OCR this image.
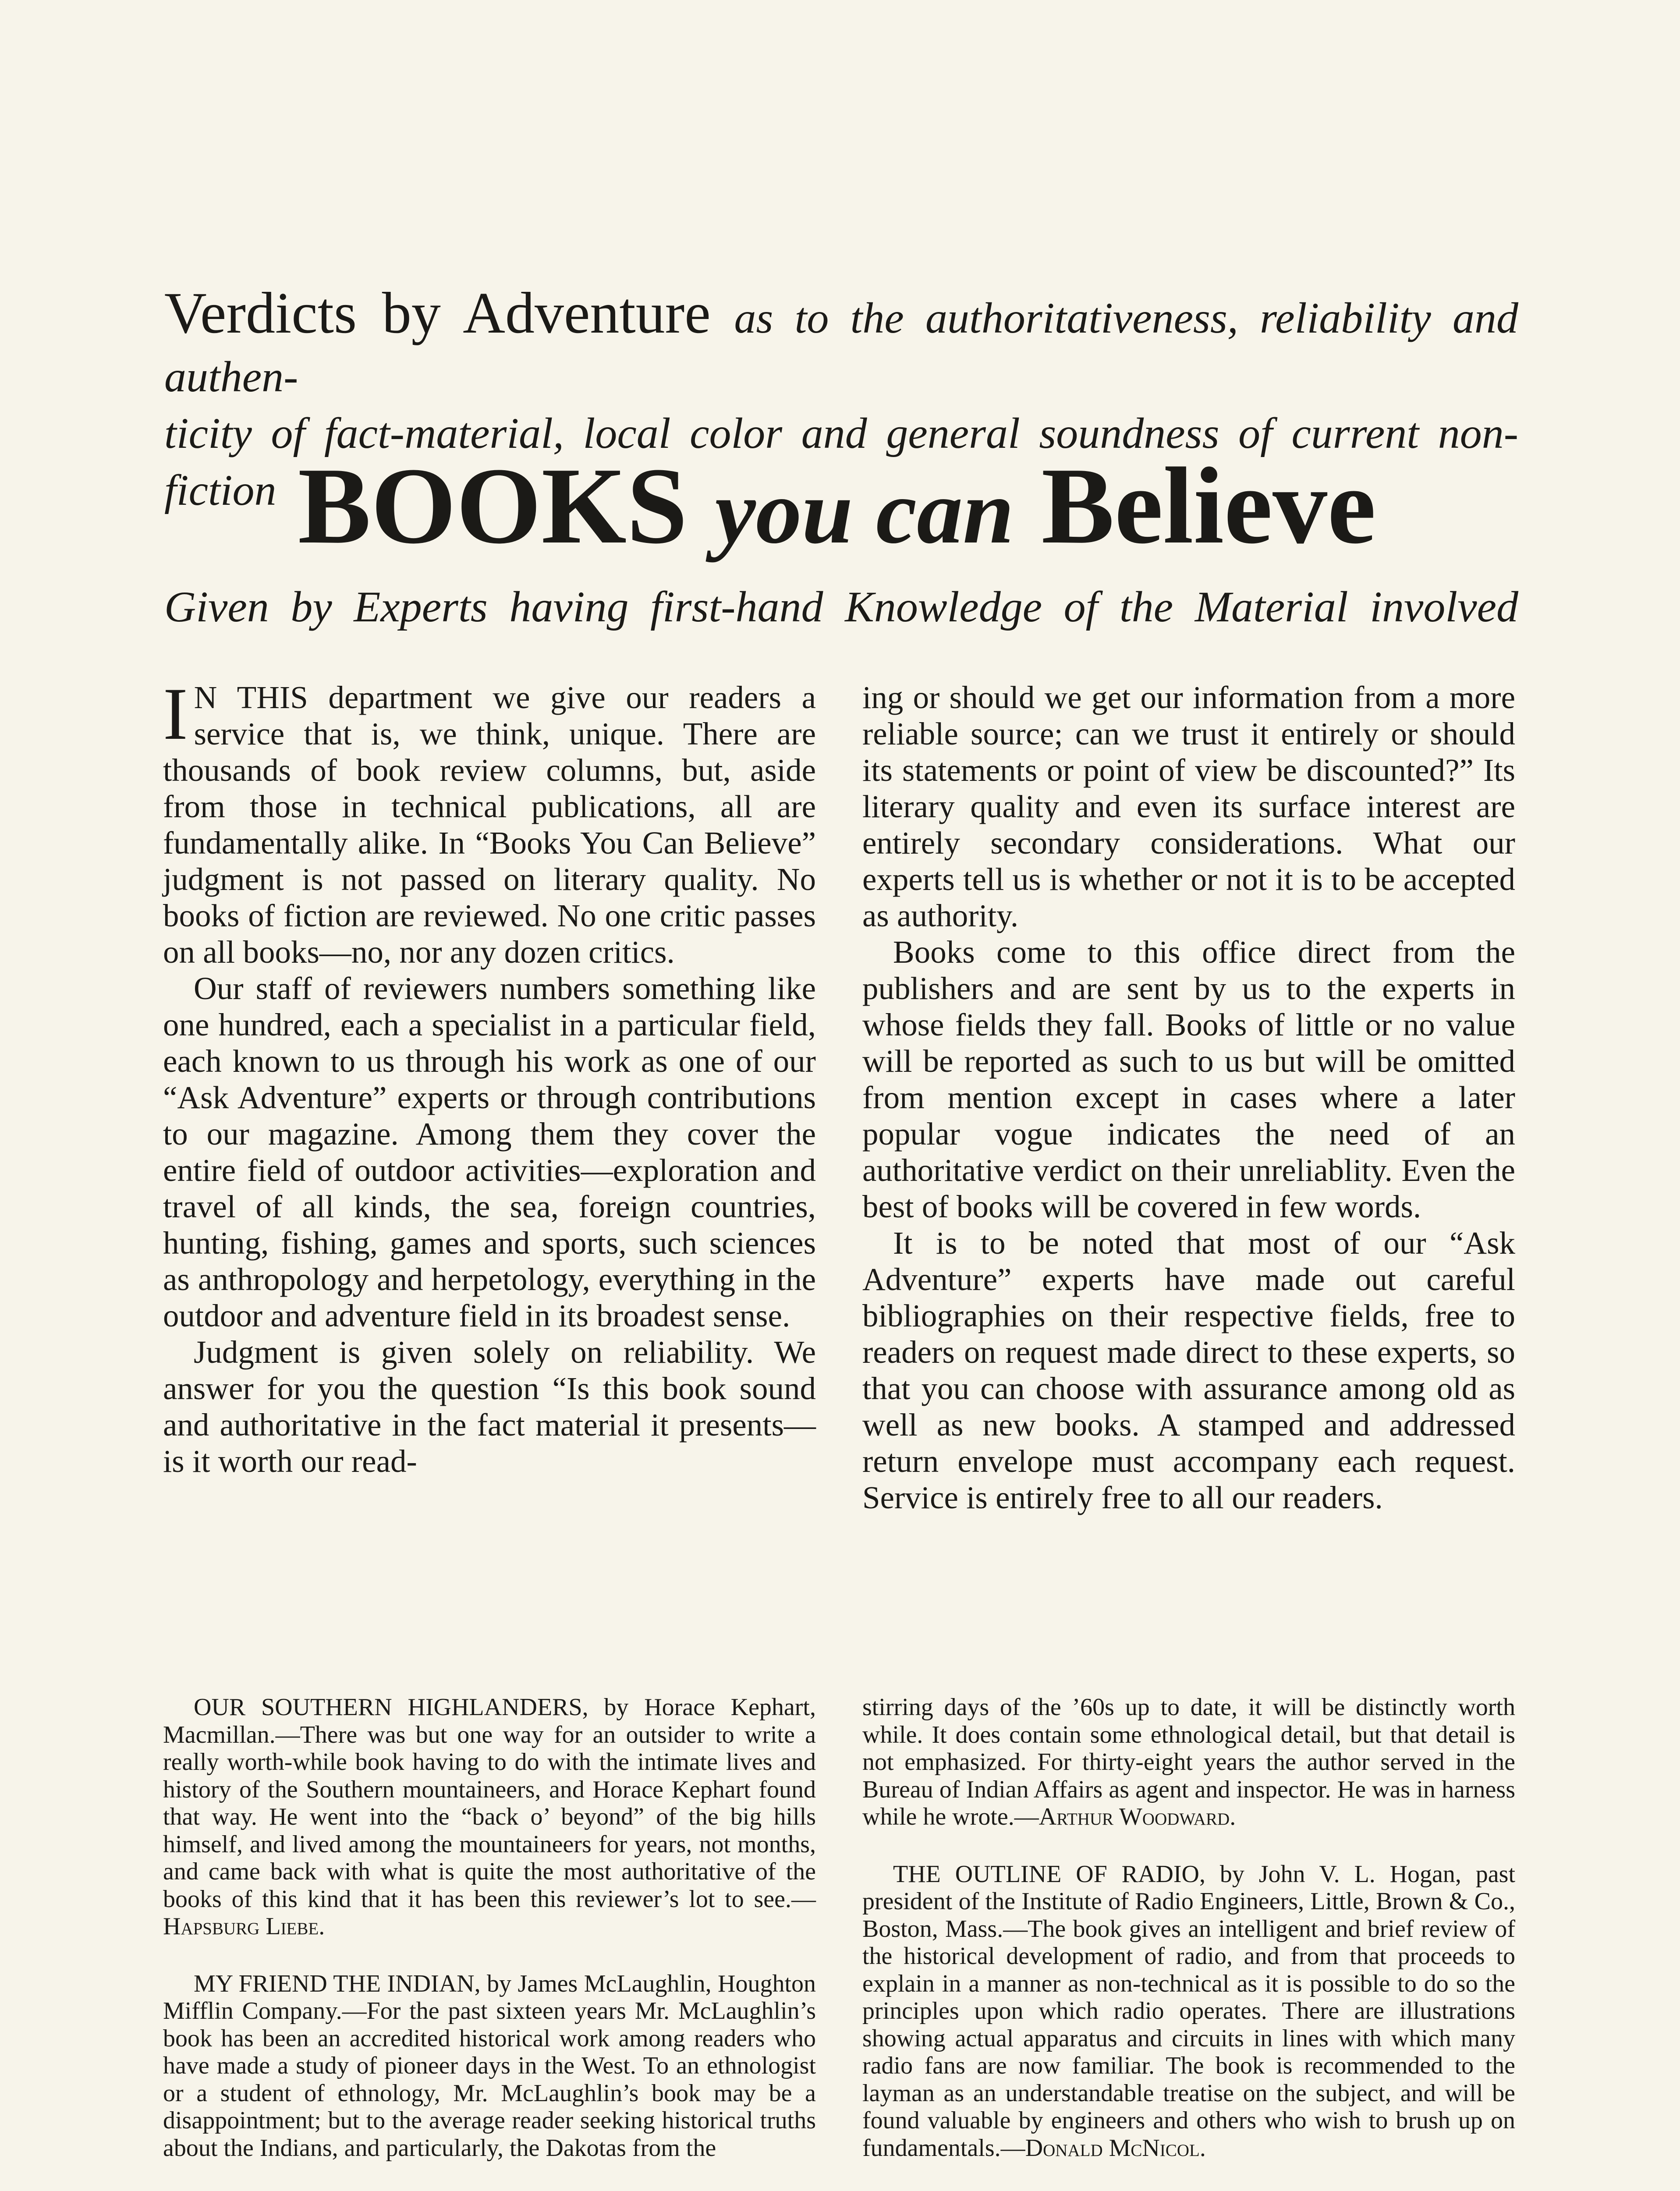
Verdicts by Adventure as to the authoritativeness, reliability and authen-

ticity of fact-material, local color and general soundness of current non-fiction BOOKS you can Believe

Given by Experts having first-hand Knowledge of the Material involved

I N THIS department we give our readers a service that is, we think, unique. There are thousands of book review columns, but, aside from those in technical publications, all are fundamentally alike. In “Books You Can Believe” judgment is not passed on literary quality. No books of fiction are reviewed. No one critic passes on all books—no, nor any dozen critics.

Our staff of reviewers numbers something like one hundred, each a specialist in a particular field, each known to us through his work as one of our “Ask Adventure” experts or through contributions to our magazine. Among them they cover the entire field of outdoor activities—exploration and travel of all kinds, the sea, foreign countries, hunting, fishing, games and sports, such sciences as anthropology and herpetology, everything in the outdoor and adventure field in its broadest sense.

Judgment is given solely on reliability. We answer for you the question “Is this book sound and authoritative in the fact material it presents—is it worth our read-

ing or should we get our information from a more reliable source; can we trust it entirely or should its statements or point of view be discounted?” Its literary quality and even its surface interest are entirely secondary considerations. What our experts tell us is whether or not it is to be accepted as authority.

Books come to this office direct from the publishers and are sent by us to the experts in whose fields they fall. Books of little or no value will be reported as such to us but will be omitted from mention except in cases where a later popular vogue indicates the need of an authoritative verdict on their unreliablity. Even the best of books will be covered in few words.

It is to be noted that most of our “Ask Adventure” experts have made out careful bibliographies on their respective fields, free to readers on request made direct to these experts, so that you can choose with assurance among old as well as new books. A stamped and addressed return envelope must accompany each request. Service is entirely free to all our readers.

OUR SOUTHERN HIGHLANDERS, by Horace Kephart, Macmillan.—There was but one way for an outsider to write a really worth-while book having to do with the intimate lives and history of the Southern mountaineers, and Horace Kephart found that way. He went into the “back o’ beyond” of the big hills himself, and lived among the mountaineers for years, not months, and came back with what is quite the most authoritative of the books of this kind that it has been this reviewer’s lot to see.—Hapsburg Liebe.

MY FRIEND THE INDIAN, by James McLaughlin, Houghton Mifflin Company.—For the past sixteen years Mr. McLaughlin’s book has been an accredited historical work among readers who have made a study of pioneer days in the West. To an ethnologist or a student of ethnology, Mr. McLaughlin’s book may be a disappointment; but to the average reader seeking historical truths about the Indians, and particularly, the Dakotas from the

stirring days of the ’60s up to date, it will be distinctly worth while. It does contain some ethnological detail, but that detail is not emphasized. For thirty-eight years the author served in the Bureau of Indian Affairs as agent and inspector. He was in harness while he wrote.—Arthur Woodward.

THE OUTLINE OF RADIO, by John V. L. Hogan, past president of the Institute of Radio Engineers, Little, Brown & Co., Boston, Mass.—The book gives an intelligent and brief review of the historical development of radio, and from that proceeds to explain in a manner as non-technical as it is possible to do so the principles upon which radio operates. There are illustrations showing actual apparatus and circuits in lines with which many radio fans are now familiar. The book is recommended to the layman as an understandable treatise on the subject, and will be found valuable by engineers and others who wish to brush up on fundamentals.—Donald McNicol.
